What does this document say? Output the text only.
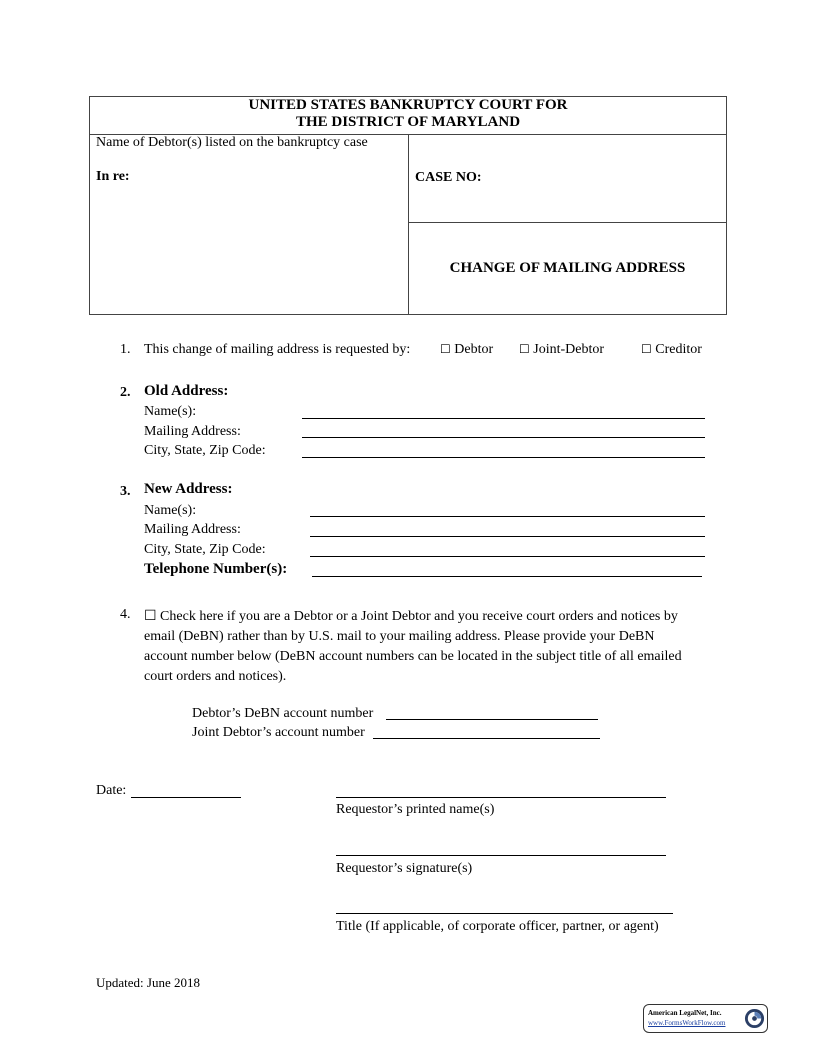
UNITED STATES BANKRUPTCY COURT FOR
THE DISTRICT OF MARYLAND
Name of Debtor(s) listed on the bankruptcy case
In re:	CASE NO:
CHANGE OF MAILING ADDRESS
1. This change of mailing address is requested by: ☐ Debtor ☐ Joint-Debtor	☐ Creditor
2. Old Address:
Name(s):
Mailing Address:
City, State, Zip Code:
3. New Address:
Name(s):
Mailing Address:
City, State, Zip Code:
Telephone Number(s):
4. ☐ Check here if you are a Debtor or a Joint Debtor and you receive court orders and notices by
email (DeBN) rather than by U.S. mail to your mailing address. Please provide your DeBN
account number below (DeBN account numbers can be located in the subject title of all emailed
court orders and notices).
Debtor’s DeBN account number
Joint Debtor’s account number
Date:
Requestor’s printed name(s)
Requestor’s signature(s)
Title (If applicable, of corporate officer, partner, or agent)
Updated: June 2018
American LegalNet, Inc.
www.FormsWorkFlow.com
